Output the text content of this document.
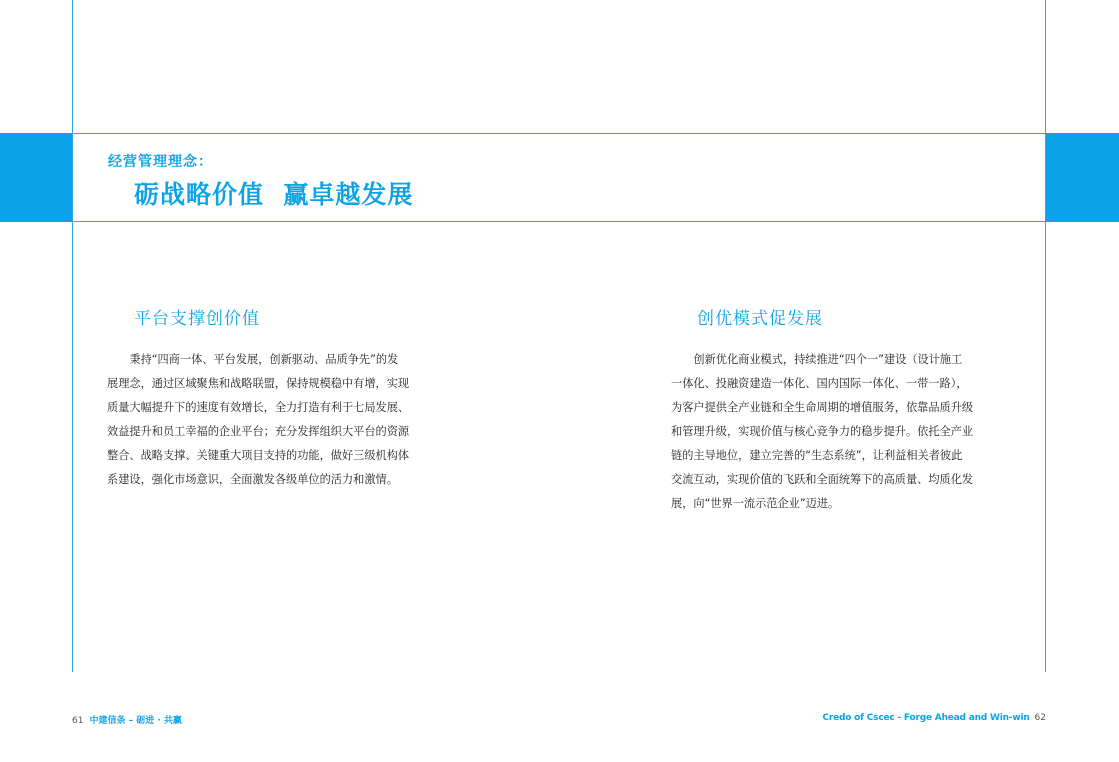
经营管理理念：
砺战略价值  赢卓越发展
平台支撑创价值

　　秉持“四商一体、平台发展，创新驱动、品质争先”的发
展理念，通过区域聚焦和战略联盟，保持规模稳中有增，实现
质量大幅提升下的速度有效增长，全力打造有利于七局发展、
效益提升和员工幸福的企业平台；充分发挥组织大平台的资源
整合、战略支撑、关键重大项目支持的功能，做好三级机构体
系建设，强化市场意识，全面激发各级单位的活力和激情。

创优模式促发展

　　创新优化商业模式，持续推进“四个一”建设（设计施工
一体化、投融资建造一体化、国内国际一体化、一带一路），
为客户提供全产业链和全生命周期的增值服务，依靠品质升级
和管理升级，实现价值与核心竞争力的稳步提升。依托全产业
链的主导地位，建立完善的“生态系统”，让利益相关者彼此
交流互动，实现价值的飞跃和全面统筹下的高质量、均质化发
展，向“世界一流示范企业”迈进。

61 中建信条 – 砺进 · 共赢	Credo of Cscec - Forge Ahead and Win-win 62
